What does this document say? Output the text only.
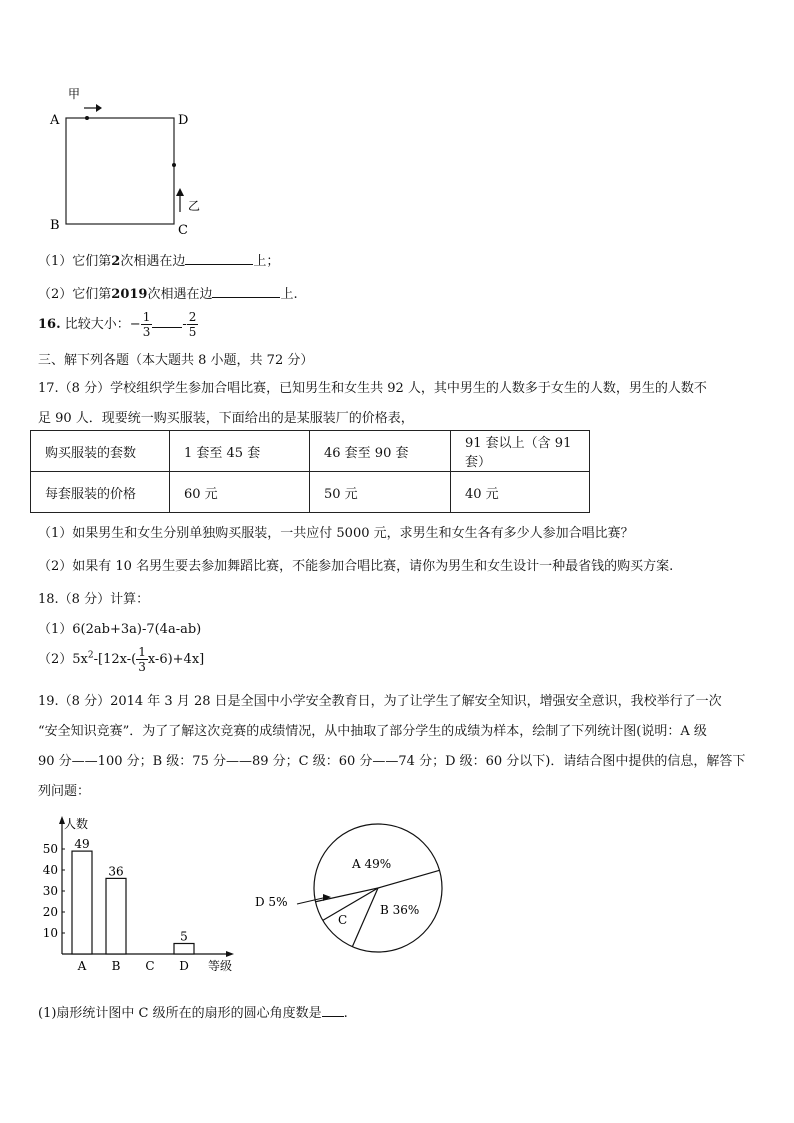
甲
乙
A	D
B	C
（1）它们第2次相遇在边	上；
（2）它们第2019次相遇在边	上.
16. 比较大小：− $\frac{1}{3} - \frac{2}{5}$
三、解下列各题（本大题共 8 小题，共 72 分）
17.（8 分）学校组织学生参加合唱比赛，已知男生和女生共 92 人，其中男生的人数多于女生的人数，男生的人数不
足 90 人．现要统一购买服装，下面给出的是某服装厂的价格表，
购买服装的套数	1 套至 45 套	46 套至 90 套	91 套以上（含 91 套）
每套服装的价格	60 元	50 元	40 元
（1）如果男生和女生分别单独购买服装，一共应付 5000 元，求男生和女生各有多少人参加合唱比赛？
（2）如果有 10 名男生要去参加舞蹈比赛，不能参加合唱比赛，请你为男生和女生设计一种最省钱的购买方案.
18.（8 分）计算：
（1）6(2ab+3a)-7(4a-ab)
$(2)5x^2-[12x-( \frac{1}{3} x-6)+4x]$
19.（8 分）2014 年 3 月 28 日是全国中小学安全教育日，为了让学生了解安全知识，增强安全意识，我校举行了一次
“安全知识竞赛”．为了了解这次竞赛的成绩情况，从中抽取了部分学生的成绩为样本，绘制了下列统计图(说明：A 级
90 分——100 分；B 级：75 分——89 分；C 级：60 分——74 分；D 级：60 分以下)．请结合图中提供的信息，解答下
列问题：
人数
等级
10
20
30
40
50 49
A
36
B C
5
D
A 49%
B 36%
C
D 5%
(1)扇形统计图中 C 级所在的扇形的圆心角度数是 .
